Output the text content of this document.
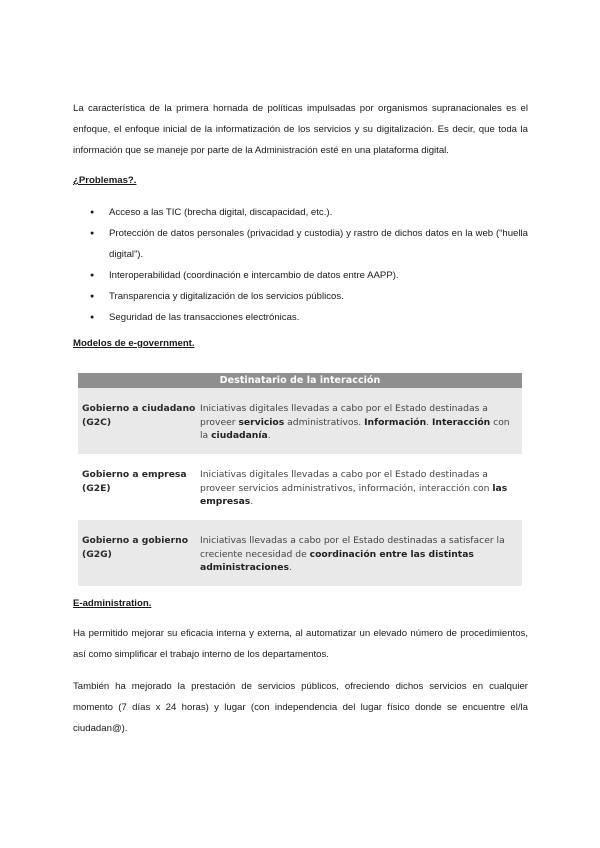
La característica de la primera hornada de políticas impulsadas por organismos supranacionales es el enfoque, el enfoque inicial de la informatización de los servicios y su digitalización. Es decir, que toda la información que se maneje por parte de la Administración esté en una plataforma digital.

¿Problemas?.
● Acceso a las TIC (brecha digital, discapacidad, etc.).
● Protección de datos personales (privacidad y custodia) y rastro de dichos datos en la web (“huella digital”).
● Interoperabilidad (coordinación e intercambio de datos entre AAPP).
● Transparencia y digitalización de los servicios públicos.
● Seguridad de las transacciones electrónicas.
Modelos de e-government.
Destinatario de la interacción
Gobierno a ciudadano (G2C)
Iniciativas digitales llevadas a cabo por el Estado destinadas a proveer servicios administrativos. Información. Interacción con la ciudadanía.
Gobierno a empresa (G2E)
Iniciativas digitales llevadas a cabo por el Estado destinadas a proveer servicios administrativos, información, interacción con las empresas.
Gobierno a gobierno (G2G)
Iniciativas llevadas a cabo por el Estado destinadas a satisfacer la creciente necesidad de coordinación entre las distintas administraciones.
E-administration.

Ha permitido mejorar su eficacia interna y externa, al automatizar un elevado número de procedimientos, así como simplificar el trabajo interno de los departamentos.

También ha mejorado la prestación de servicios públicos, ofreciendo dichos servicios en cualquier momento (7 días x 24 horas) y lugar (con independencia del lugar físico donde se encuentre el/la ciudadan@).
